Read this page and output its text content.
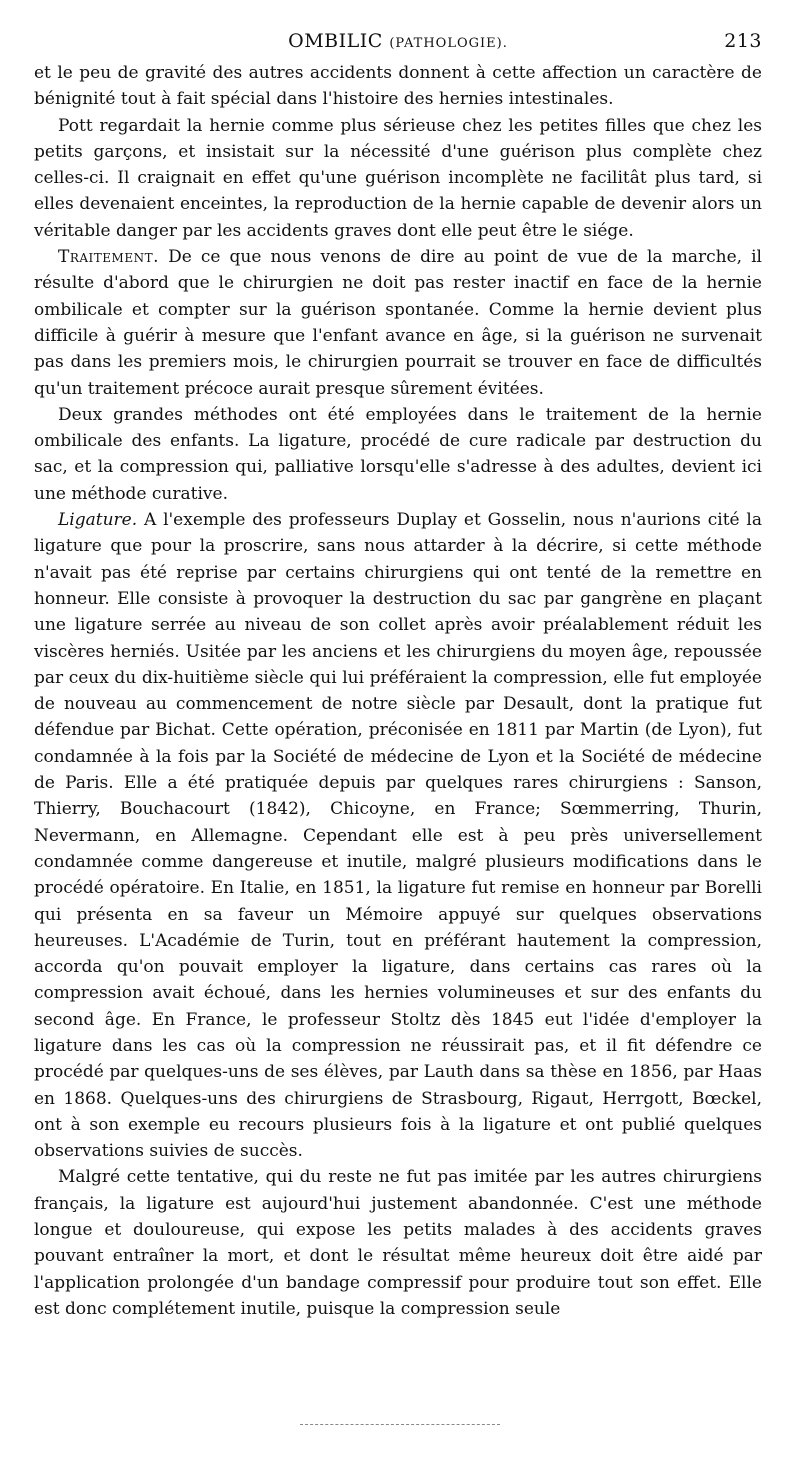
OMBILIC (PATHOLOGIE).	213

et le peu de gravité des autres accidents donnent à cette affection un caractère de bénignité tout à fait spécial dans l'histoire des hernies intestinales.

Pott regardait la hernie comme plus sérieuse chez les petites filles que chez les petits garçons, et insistait sur la nécessité d'une guérison plus complète chez celles-ci. Il craignait en effet qu'une guérison incomplète ne facilitât plus tard, si elles devenaient enceintes, la reproduction de la hernie capable de devenir alors un véritable danger par les accidents graves dont elle peut être le siége.

Traitement. De ce que nous venons de dire au point de vue de la marche, il résulte d'abord que le chirurgien ne doit pas rester inactif en face de la hernie ombilicale et compter sur la guérison spontanée. Comme la hernie devient plus difficile à guérir à mesure que l'enfant avance en âge, si la guérison ne survenait pas dans les premiers mois, le chirurgien pourrait se trouver en face de difficultés qu'un traitement précoce aurait presque sûrement évitées.

Deux grandes méthodes ont été employées dans le traitement de la hernie ombilicale des enfants. La ligature, procédé de cure radicale par destruction du sac, et la compression qui, palliative lorsqu'elle s'adresse à des adultes, devient ici une méthode curative.

Ligature. A l'exemple des professeurs Duplay et Gosselin, nous n'aurions cité la ligature que pour la proscrire, sans nous attarder à la décrire, si cette méthode n'avait pas été reprise par certains chirurgiens qui ont tenté de la remettre en honneur. Elle consiste à provoquer la destruction du sac par gangrène en plaçant une ligature serrée au niveau de son collet après avoir préalablement réduit les viscères herniés. Usitée par les anciens et les chirurgiens du moyen âge, repoussée par ceux du dix-huitième siècle qui lui préféraient la compression, elle fut employée de nouveau au commencement de notre siècle par Desault, dont la pratique fut défendue par Bichat. Cette opération, préconisée en 1811 par Martin (de Lyon), fut condamnée à la fois par la Société de médecine de Lyon et la Société de médecine de Paris. Elle a été pratiquée depuis par quelques rares chirurgiens : Sanson, Thierry, Bouchacourt (1842), Chicoyne, en France; Sœmmerring, Thurin, Nevermann, en Allemagne. Cependant elle est à peu près universellement condamnée comme dangereuse et inutile, malgré plusieurs modifications dans le procédé opératoire. En Italie, en 1851, la ligature fut remise en honneur par Borelli qui présenta en sa faveur un Mémoire appuyé sur quelques observations heureuses. L'Académie de Turin, tout en préférant hautement la compression, accorda qu'on pouvait employer la ligature, dans certains cas rares où la compression avait échoué, dans les hernies volumineuses et sur des enfants du second âge. En France, le professeur Stoltz dès 1845 eut l'idée d'employer la ligature dans les cas où la compression ne réussirait pas, et il fit défendre ce procédé par quelques-uns de ses élèves, par Lauth dans sa thèse en 1856, par Haas en 1868. Quelques-uns des chirurgiens de Strasbourg, Rigaut, Herrgott, Bœckel, ont à son exemple eu recours plusieurs fois à la ligature et ont publié quelques observations suivies de succès.

Malgré cette tentative, qui du reste ne fut pas imitée par les autres chirurgiens français, la ligature est aujourd'hui justement abandonnée. C'est une méthode longue et douloureuse, qui expose les petits malades à des accidents graves pouvant entraîner la mort, et dont le résultat même heureux doit être aidé par l'application prolongée d'un bandage compressif pour produire tout son effet. Elle est donc complétement inutile, puisque la compression seule
